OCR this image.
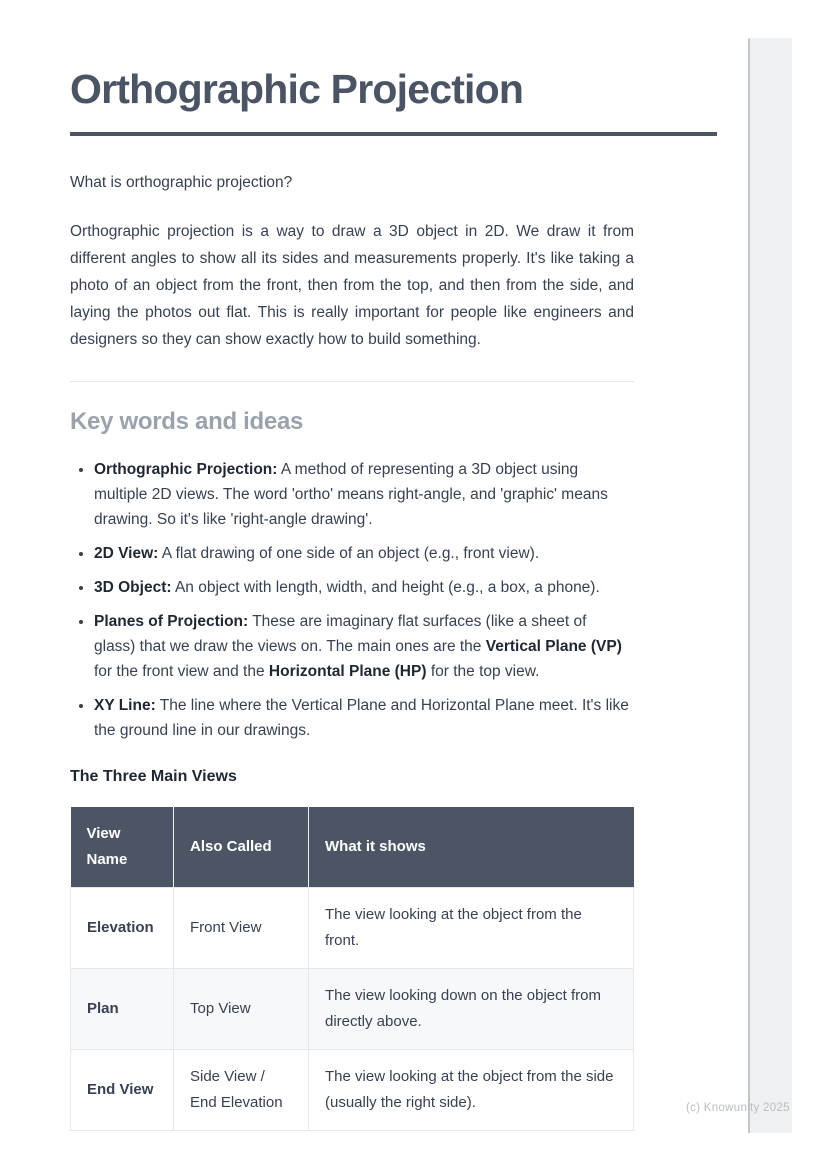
Orthographic Projection

What is orthographic projection?

Orthographic projection is a way to draw a 3D object in 2D. We draw it from different angles to show all its sides and measurements properly. It's like taking a photo of an object from the front, then from the top, and then from the side, and laying the photos out flat. This is really important for people like engineers and designers so they can show exactly how to build something.

Key words and ideas
• Orthographic Projection: A method of representing a 3D object using multiple 2D views. The word 'ortho' means right-angle, and 'graphic' means drawing. So it's like 'right-angle drawing'.
• 2D View: A flat drawing of one side of an object (e.g., front view).
• 3D Object: An object with length, width, and height (e.g., a box, a phone).
• Planes of Projection: These are imaginary flat surfaces (like a sheet of glass) that we draw the views on. The main ones are the Vertical Plane (VP) for the front view and the Horizontal Plane (HP) for the top view.
• XY Line: The line where the Vertical Plane and Horizontal Plane meet. It's like the ground line in our drawings.

The Three Main Views

View Name	Also Called	What it shows
Elevation	Front View	The view looking at the object from the front.
Plan	Top View	The view looking down on the object from directly above.
End View	Side View / End Elevation	The view looking at the object from the side (usually the right side).	(c) Knowunity 2025
